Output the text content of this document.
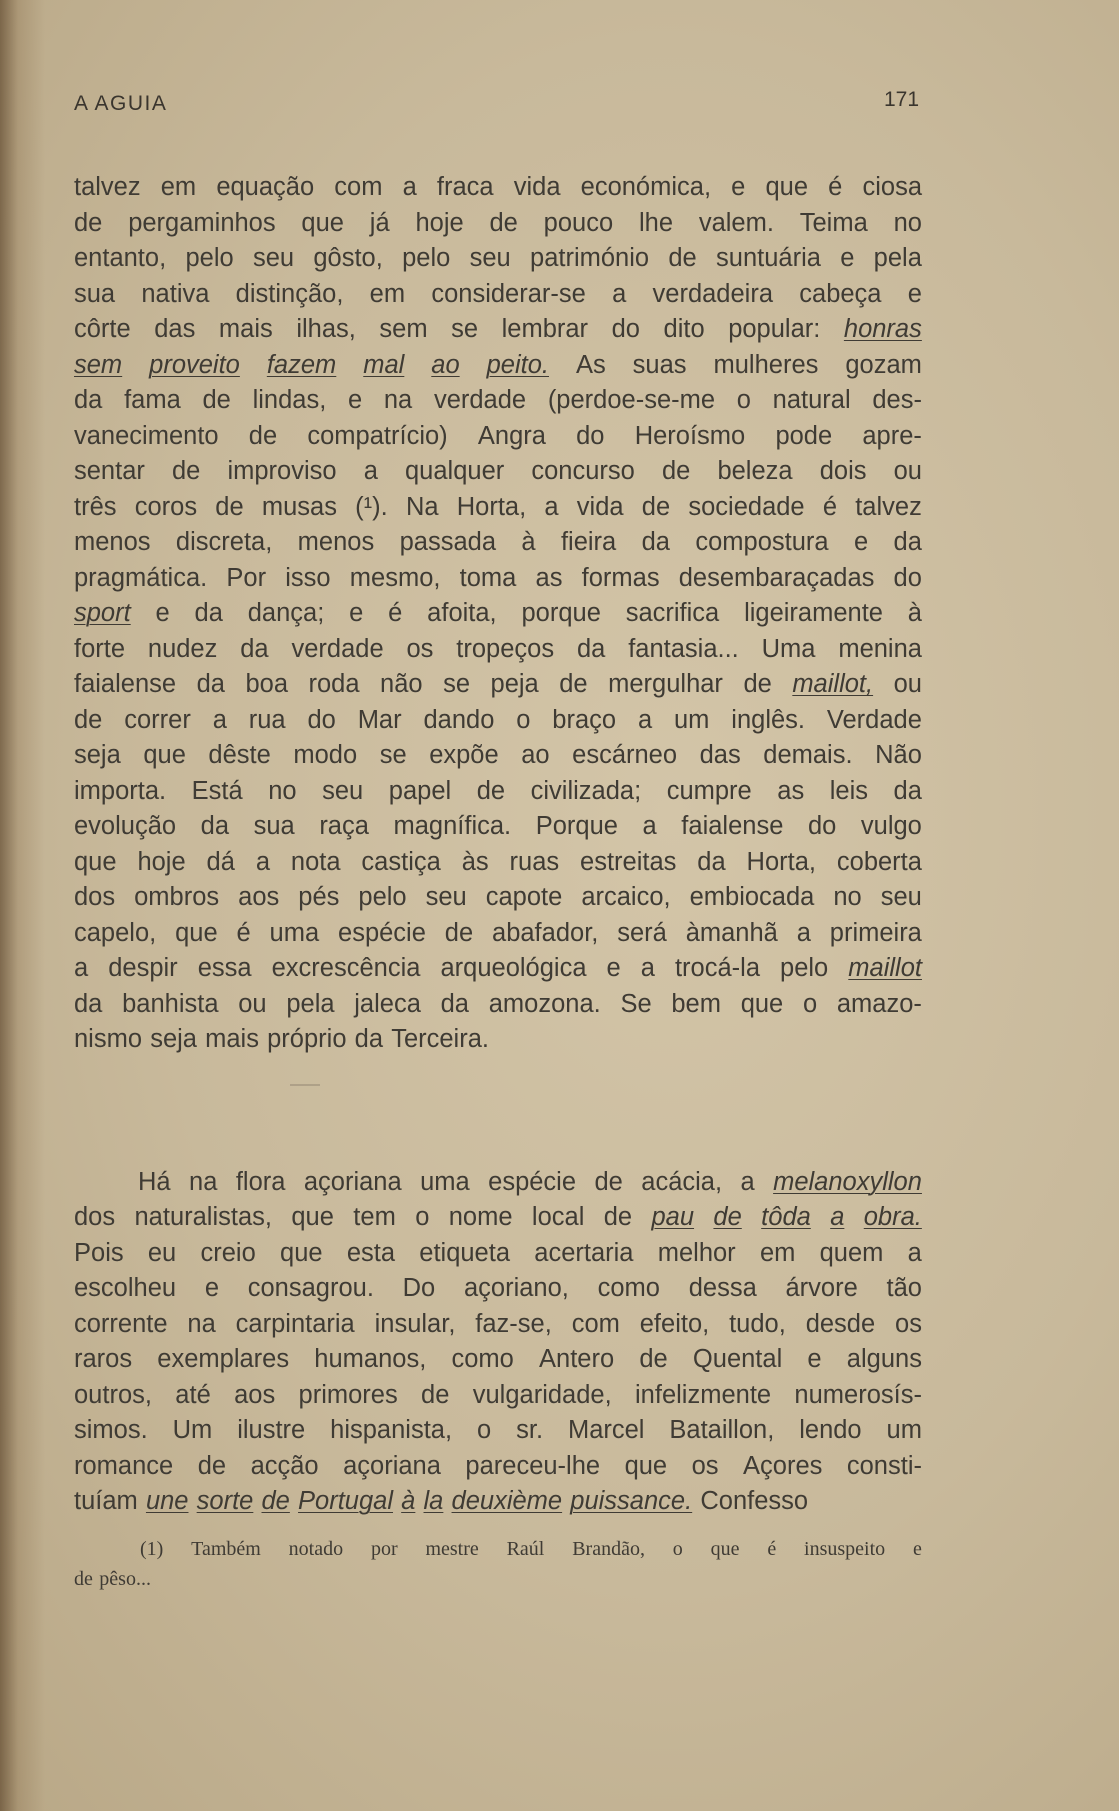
A AGUIA	171
talvez em equação com a fraca vida económica, e que é ciosa
de pergaminhos que já hoje de pouco lhe valem. Teima no
entanto, pelo seu gôsto, pelo seu património de suntuária e pela
sua nativa distinção, em considerar-se a verdadeira cabeça e
côrte das mais ilhas, sem se lembrar do dito popular: honras
sem proveito fazem mal ao peito. As suas mulheres gozam
da fama de lindas, e na verdade (perdoe-se-me o natural des-
vanecimento de compatrício) Angra do Heroísmo pode apre-
sentar de improviso a qualquer concurso de beleza dois ou
três coros de musas (¹). Na Horta, a vida de sociedade é talvez
menos discreta, menos passada à fieira da compostura e da
pragmática. Por isso mesmo, toma as formas desembaraçadas do
sport e da dança; e é afoita, porque sacrifica ligeiramente à
forte nudez da verdade os tropeços da fantasia... Uma menina
faialense da boa roda não se peja de mergulhar de maillot, ou
de correr a rua do Mar dando o braço a um inglês. Verdade
seja que dêste modo se expõe ao escárneo das demais. Não
importa. Está no seu papel de civilizada; cumpre as leis da
evolução da sua raça magnífica. Porque a faialense do vulgo
que hoje dá a nota castiça às ruas estreitas da Horta, coberta
dos ombros aos pés pelo seu capote arcaico, embiocada no seu
capelo, que é uma espécie de abafador, será àmanhã a primeira
a despir essa excrescência arqueológica e a trocá-la pelo maillot
da banhista ou pela jaleca da amozona. Se bem que o amazo-
nismo seja mais próprio da Terceira.
Há na flora açoriana uma espécie de acácia, a melanoxyllon
dos naturalistas, que tem o nome local de pau de tôda a obra.
Pois eu creio que esta etiqueta acertaria melhor em quem a
escolheu e consagrou. Do açoriano, como dessa árvore tão
corrente na carpintaria insular, faz-se, com efeito, tudo, desde os
raros exemplares humanos, como Antero de Quental e alguns
outros, até aos primores de vulgaridade, infelizmente numerosís-
simos. Um ilustre hispanista, o sr. Marcel Bataillon, lendo um
romance de acção açoriana pareceu-lhe que os Açores consti-
tuíam une sorte de Portugal à la deuxième puissance. Confesso
(1) Também notado por mestre Raúl Brandão, o que é insuspeito e
de pêso...
